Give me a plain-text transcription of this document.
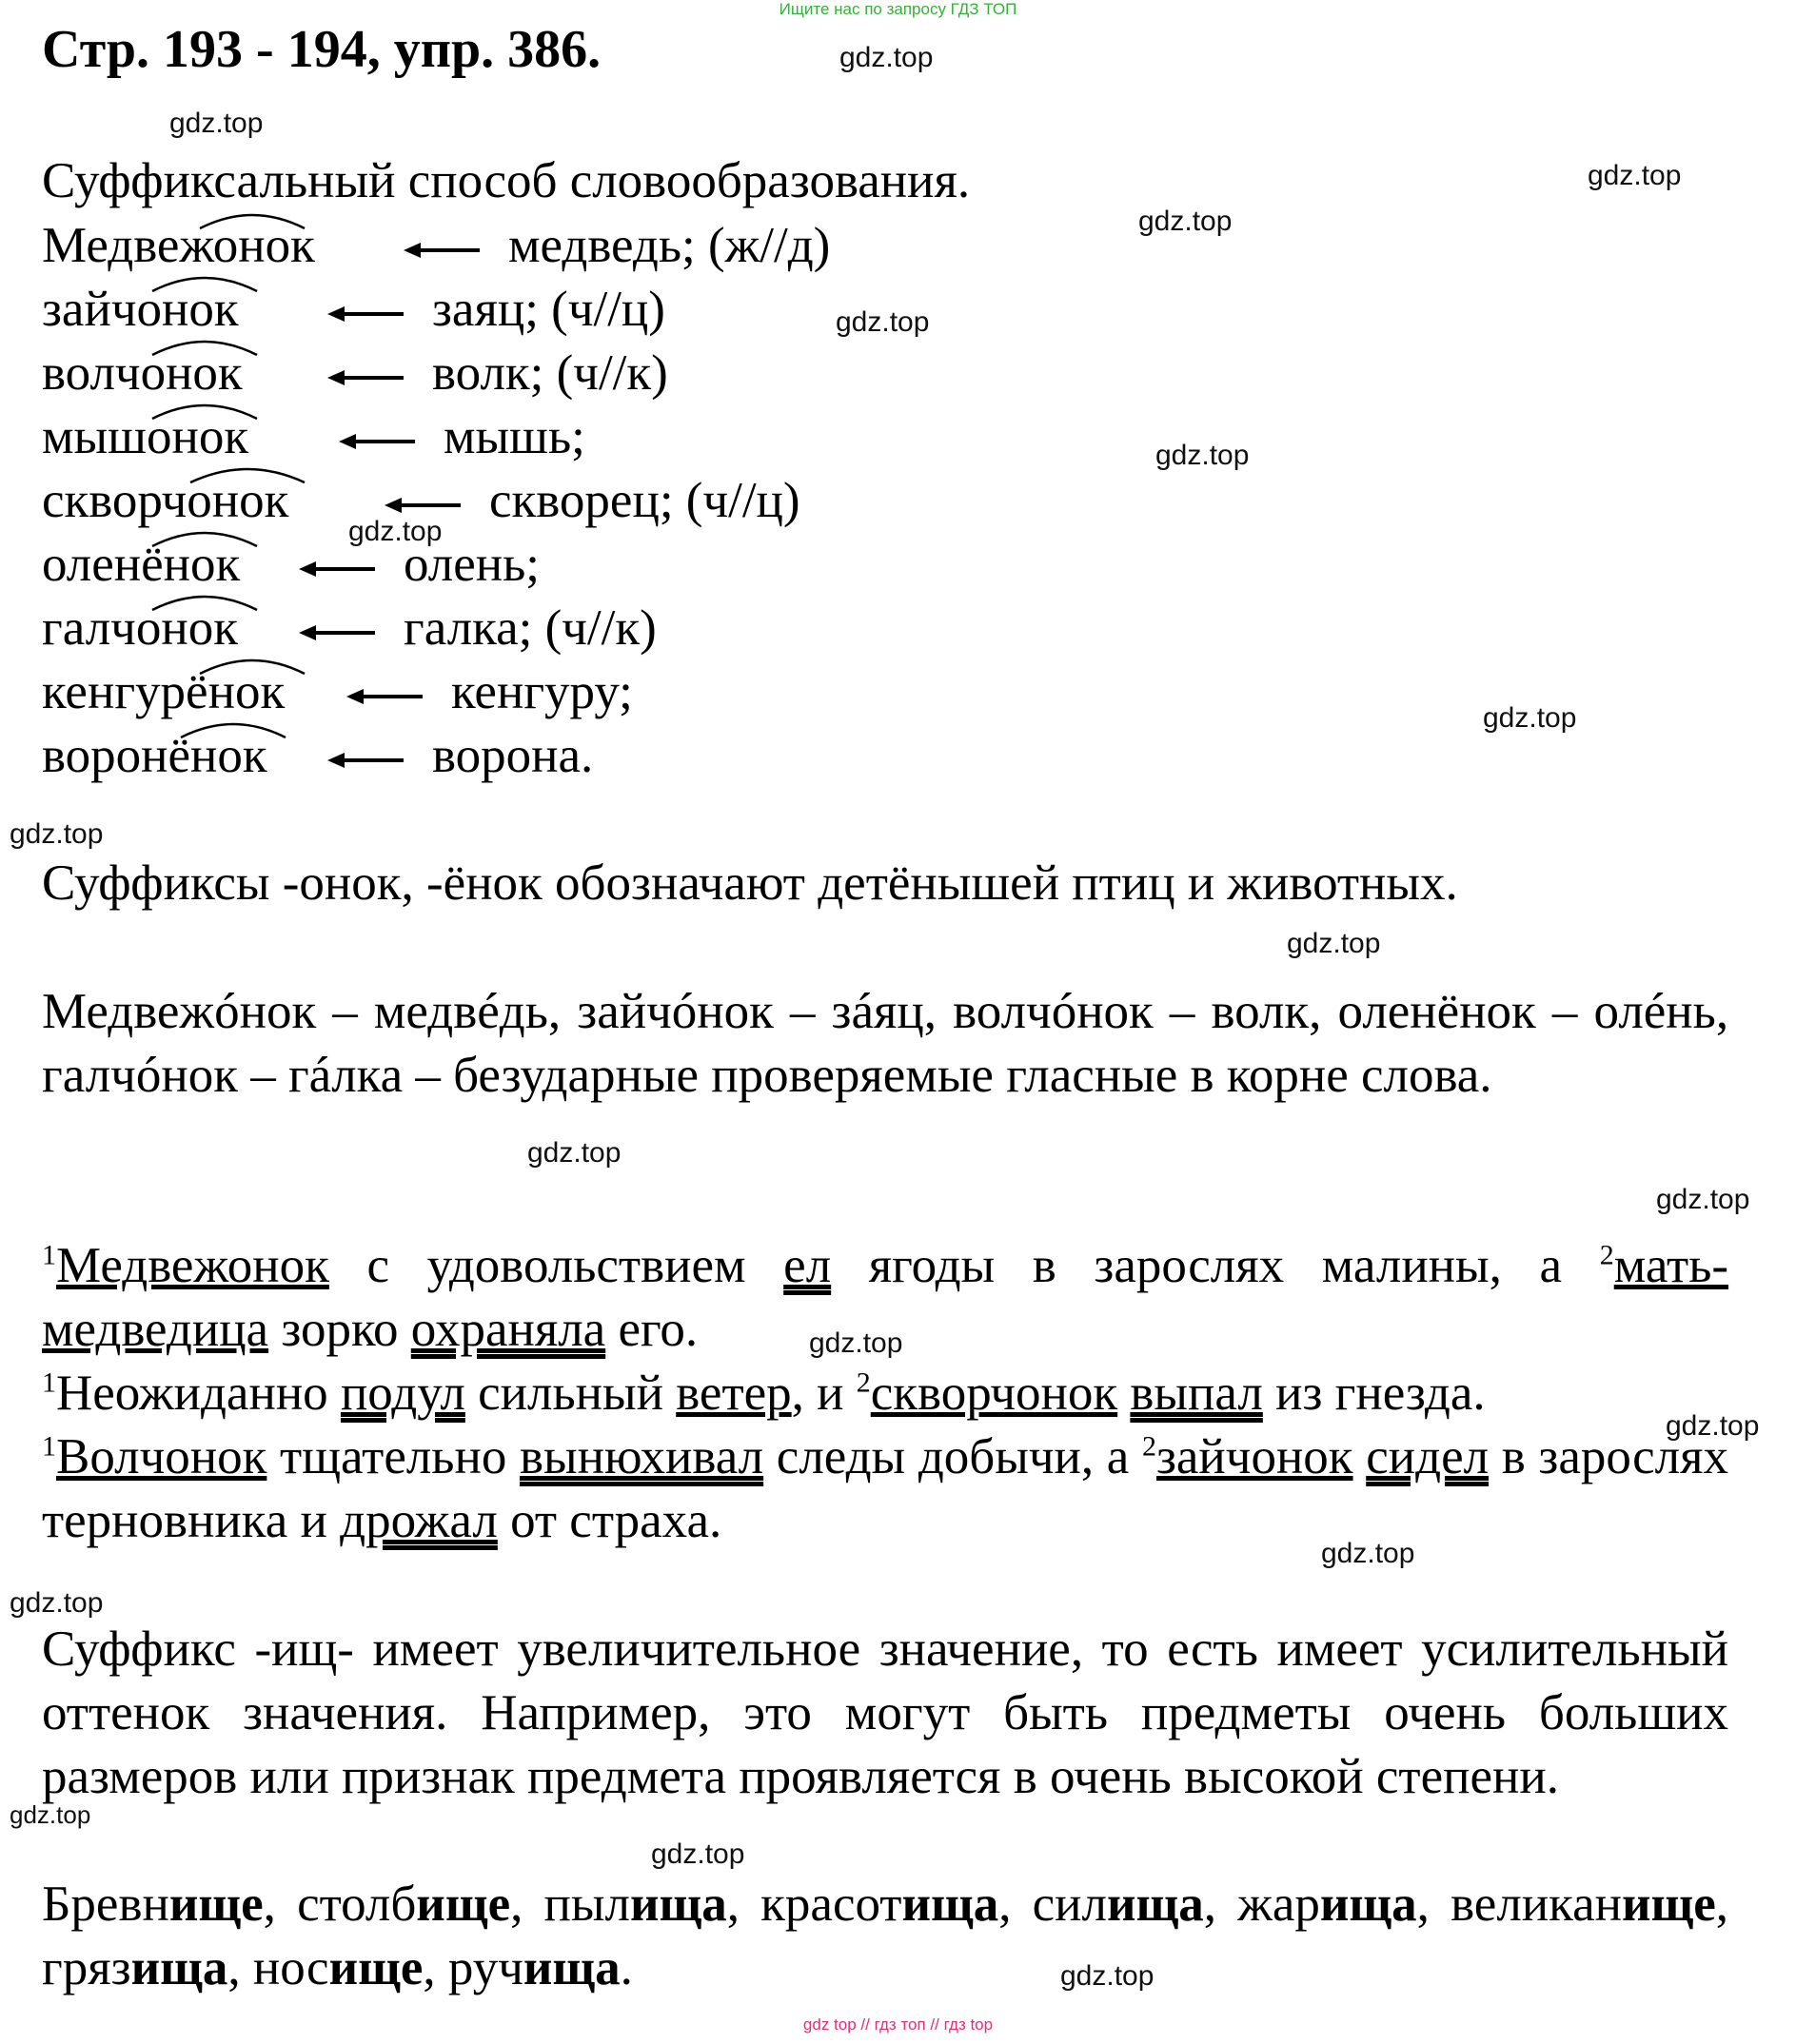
Ищите нас по запросу ГДЗ ТОП
Стр. 193 - 194, упр. 386.	gdz.top
gdz.top
gdz.top
gdz.top
gdz.top
gdz.top
gdz.top
gdz.top
gdz.top
gdz.top
gdz.top
gdz.top
gdz.top
gdz.top
gdz.top
gdz.top
gdz.top
gdz.top
gdz.top
Суффиксальный способ словообразования.
Медвежонок	медведь; (ж//д)
зайчонок	заяц; (ч//ц)
волчонок	волк; (ч//к)
мышонок	мышь;
скворчонок	скворец; (ч//ц)
оленёнок	олень;
галчонок	галка; (ч//к)
кенгурёнок	кенгуру;
воронёнок	ворона.
Суффиксы -онок, -ёнок обозначают детёнышей птиц и животных.
Медвежóнок – медвéдь, зайчóнок – зáяц, волчóнок – волк, оленёнок – олéнь, галчóнок – гáлка – безударные проверяемые гласные в корне слова.
$^1$Медвежонок с удовольствием ел ягоды в зарослях малины, а $^2$мать-медведица зорко охраняла его.
$^1$Неожиданно подул сильный ветер, и $^2$скворчонок выпал из гнезда.
$^1$Волчонок тщательно вынюхивал следы добычи, а $^2$зайчонок сидел в зарослях терновника и дрожал от страха.
Суффикс -ищ- имеет увеличительное значение, то есть имеет усилительный оттенок значения. Например, это могут быть предметы очень больших размеров или признак предмета проявляется в очень высокой степени.
Бревнище, столбище, пылища, красотища, силища, жарища, великанище, грязища, носище, ручища.
gdz top // гдз топ // гдз top
